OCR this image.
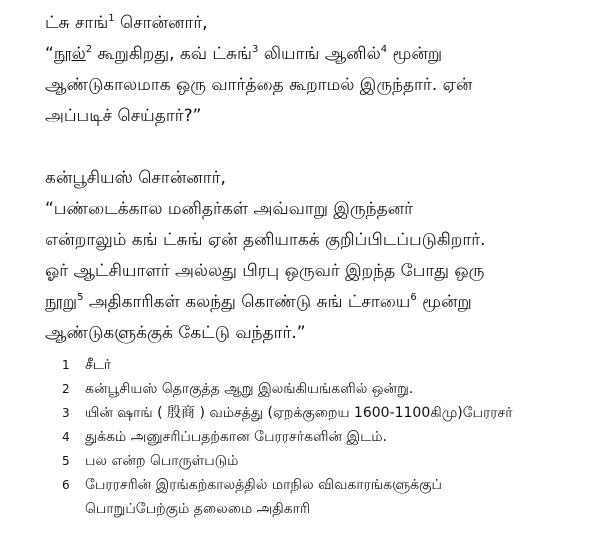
ட்சு சாங்$^1$ சொன்னார்,
“நூல்$^2$ கூறுகிறது, கவ் ட்சுங்$^3$ லியாங் ஆனில்$^4$ மூன்று
ஆண்டுகாலமாக ஒரு வார்த்தை கூறாமல் இருந்தார். ஏன்
அப்படிச் செய்தார்?”
கன்பூசியஸ் சொன்னார்,
“பண்டைக்கால மனிதர்கள் அவ்வாறு இருந்தனர்
என்றாலும் கங் ட்சுங் ஏன் தனியாகக் குறிப்பிடப்படுகிறார்.
ஓர் ஆட்சியாளர் அல்லது பிரபு ஒருவர் இறந்த போது ஒரு
நூறு$^5$ அதிகாரிகள் கலந்து கொண்டு சுங் ட்சாயை$^6$ மூன்று
ஆண்டுகளுக்குக் கேட்டு வந்தார்.”
1	சீடர்
2	கன்பூசியஸ் தொகுத்த ஆறு இலங்கியங்களில் ஒன்று.
3	யின் ஷாங் ( 殷商 ) வம்சத்து (ஏறக்குறைய 1600-1100கிமு)பேரரசர்
4	துக்கம் அனுசரிப்பதற்கான பேரரசர்களின் இடம்.
5	பல என்ற பொருள்படும்
6	பேரரசரின் இரங்கற்காலத்தில் மாநில விவகாரங்களுக்குப்
பொறுப்பேற்கும் தலைமை அதிகாரி
